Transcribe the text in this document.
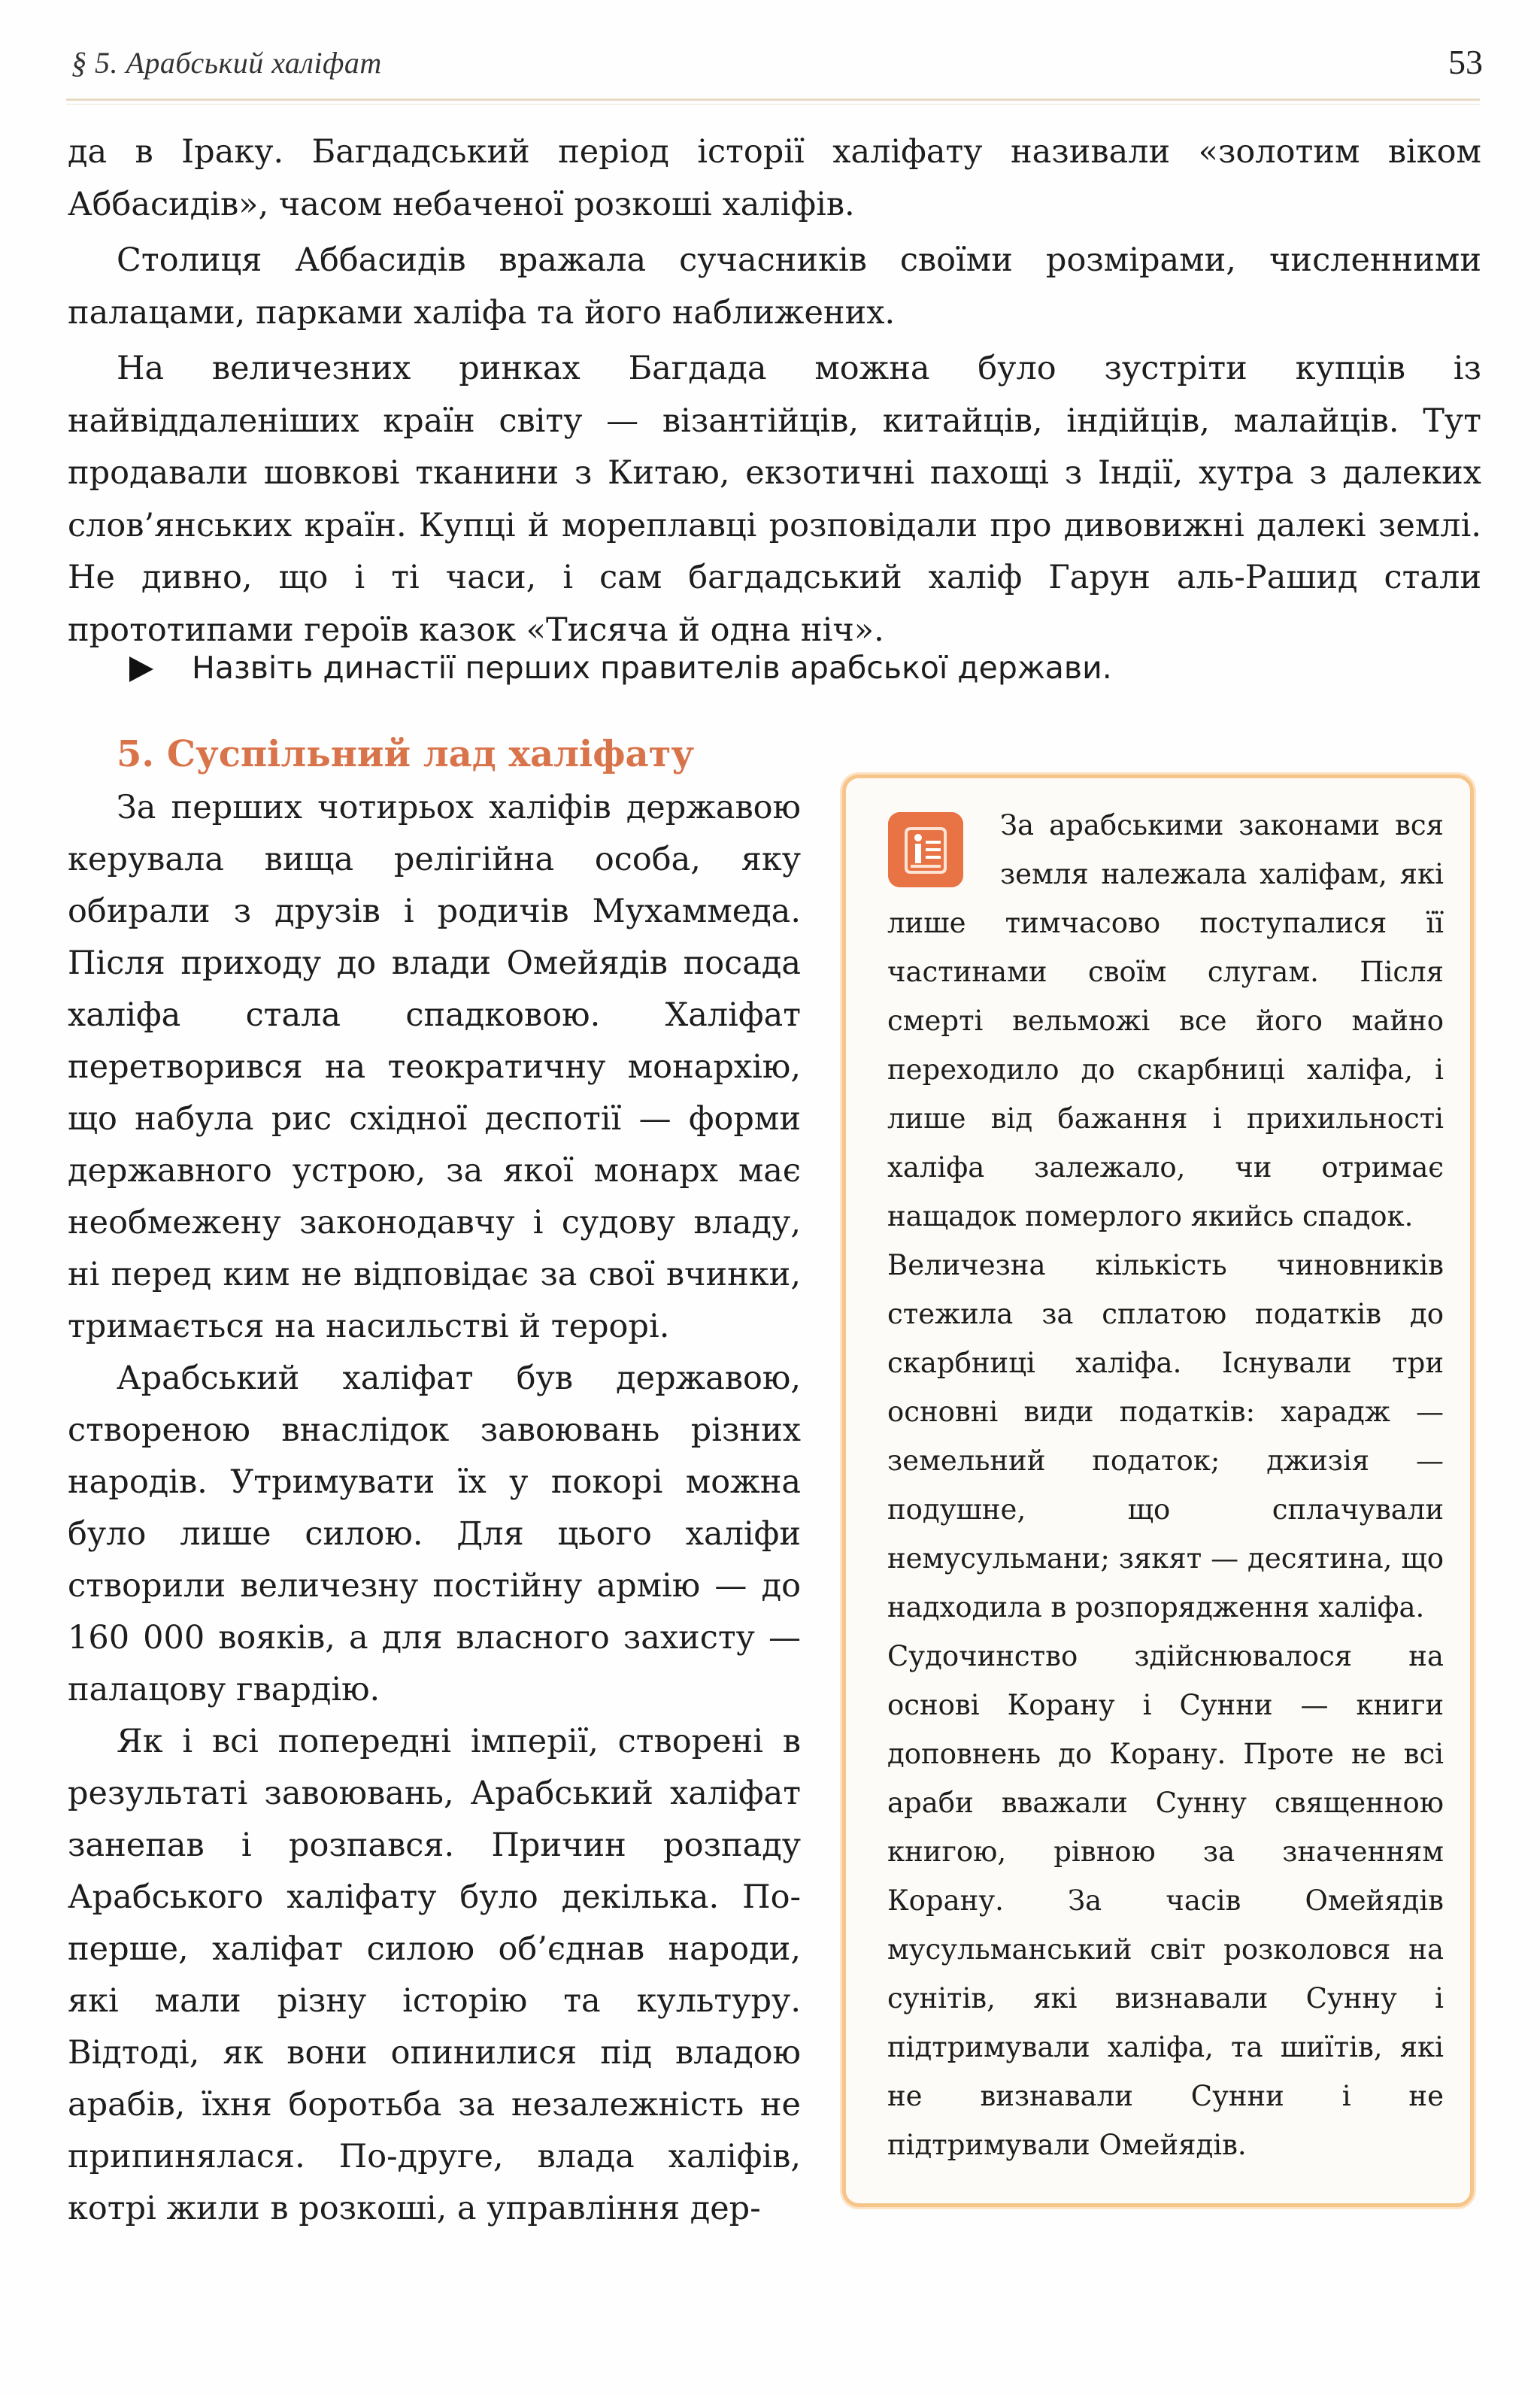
§ 5. Арабський халіфат	53

да в Іраку. Багдадський період історії халіфату називали «золотим віком Аббасидів», часом небаченої розкоші халіфів.

Столиця Аббасидів вражала сучасників своїми розмірами, численними палацами, парками халіфа та його наближених.

На величезних ринках Багдада можна було зустріти купців із найвіддаленіших країн світу — візантійців, китайців, індійців, малайців. Тут продавали шовкові тканини з Китаю, екзотичні пахощі з Індії, хутра з далеких слов’янських країн. Купці й мореплавці розповідали про дивовижні далекі землі. Не дивно, що і ті часи, і сам багдадський халіф Гарун аль-Рашид стали прототипами героїв казок «Тисяча й одна ніч».

Назвіть династії перших правителів арабської держави.
5. Суспільний лад халіфату

За перших чотирьох халіфів державою керувала вища релігійна особа, яку обирали з друзів і родичів Мухаммеда. Після приходу до влади Омейядів посада халіфа стала спадковою. Халіфат перетворився на теократичну монархію, що набула рис східної деспотії — форми державного устрою, за якої монарх має необмежену законодавчу і судову владу, ні перед ким не відповідає за свої вчинки, тримається на насильстві й терорі.

Арабський халіфат був державою, створеною внаслідок завоювань різних народів. Утримувати їх у покорі можна було лише силою. Для цього халіфи створили величезну постійну армію — до 160 000 вояків, а для власного захисту — палацову гвардію.

Як і всі попередні імперії, створені в результаті завоювань, Арабський халіфат занепав і розпався. Причин розпаду Арабського халіфату було декілька. По-перше, халіфат силою об’єднав народи, які мали різну історію та культуру. Відтоді, як вони опинилися під владою арабів, їхня боротьба за незалежність не припинялася. По-друге, влада халіфів, котрі жили в розкоші, а управління дер-

За арабськими законами вся земля належала халіфам, які лише тимчасово поступалися її частинами своїм слугам. Після смерті вельможі все його майно переходило до скарбниці халіфа, і лише від бажання і прихильності халіфа залежало, чи отримає нащадок померлого якийсь спадок.

Величезна кількість чиновників стежила за сплатою податків до скарбниці халіфа. Існували три основні види податків: харадж — земельний податок; джизія — подушне, що сплачували немусульмани; зякят — десятина, що надходила в розпорядження халіфа.

Судочинство здійснювалося на основі Корану і Сунни — книги доповнень до Корану. Проте не всі араби вважали Сунну священною книгою, рівною за значенням Корану. За часів Омейядів мусульманський світ розколовся на сунітів, які визнавали Сунну і підтримували халіфа, та шиїтів, які не визнавали Сунни і не підтримували Омейядів.
